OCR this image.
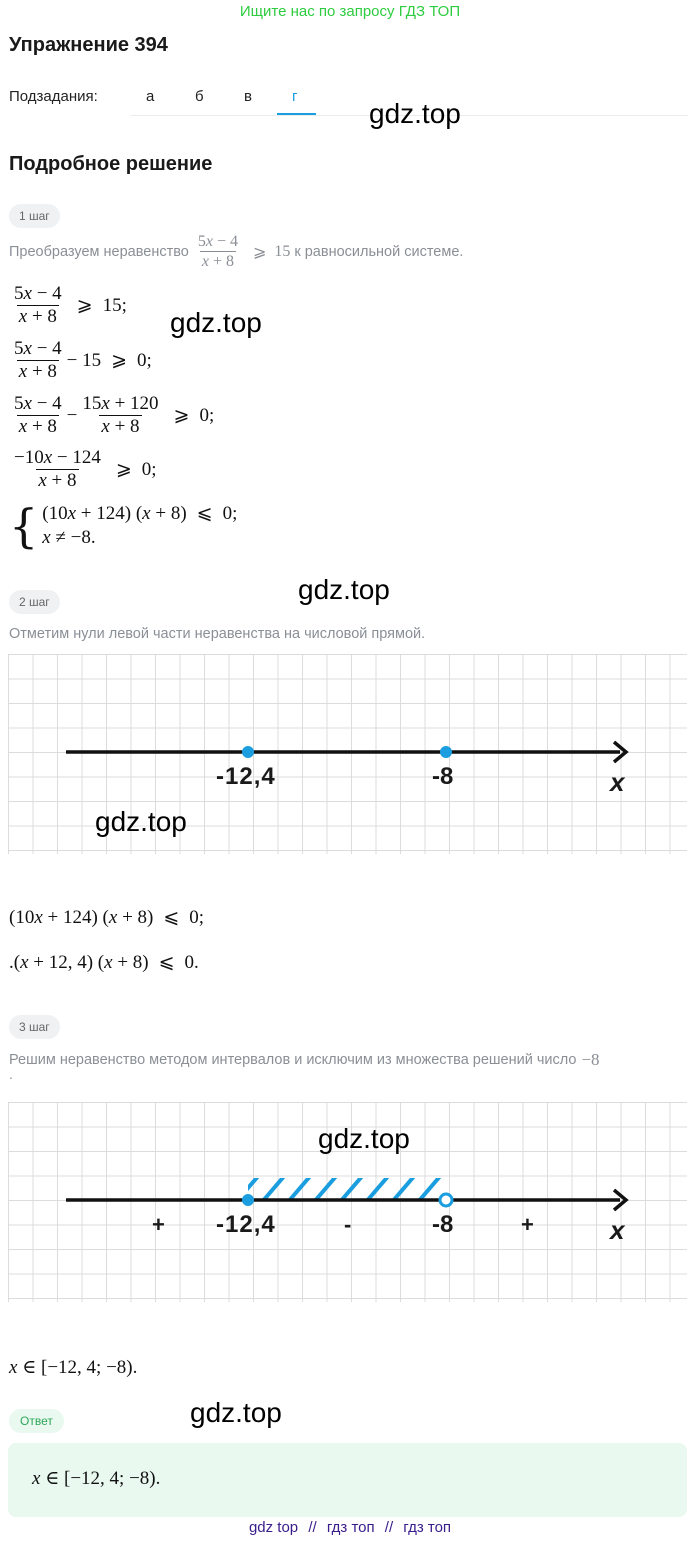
Ищите нас по запросу ГДЗ ТОП
Упражнение 394
Подзадания:	а	б	в	г
gdz.top
Подробное решение
1 шаг
Преобразуем неравенство $\frac{5x - 4}{x + 8}$ ⩾ 15 к равносильной системе.
$\frac{5x - 4}{x + 8}$ ⩾ 15;
gdz.top
$\frac{5x - 4}{x + 8} - 15$ ⩾ 0;
$\frac{5x - 4}{x + 8} - \frac{15x + 120}{x + 8}$ ⩾ 0;
$\frac{-10x - 124}{x + 8}$ ⩾ 0;
{ (10x + 124) (x + 8) ⩽ 0;
x ≠ −8.
gdz.top
2 шаг
Отметим нули левой части неравенства на числовой прямой.
-12,4	-8	x
gdz.top
(10x + 124) (x + 8) ⩽ 0;
.(x + 12, 4) (x + 8) ⩽ 0.
3 шаг
Решим неравенство методом интервалов и исключим из множества решений число −8
.
-12,4	-8	x
+	-	+
gdz.top
x ∈ [−12, 4; −8).
Ответ	gdz.top
x ∈ [−12, 4; −8).
gdz top // гдз топ // гдз топ
